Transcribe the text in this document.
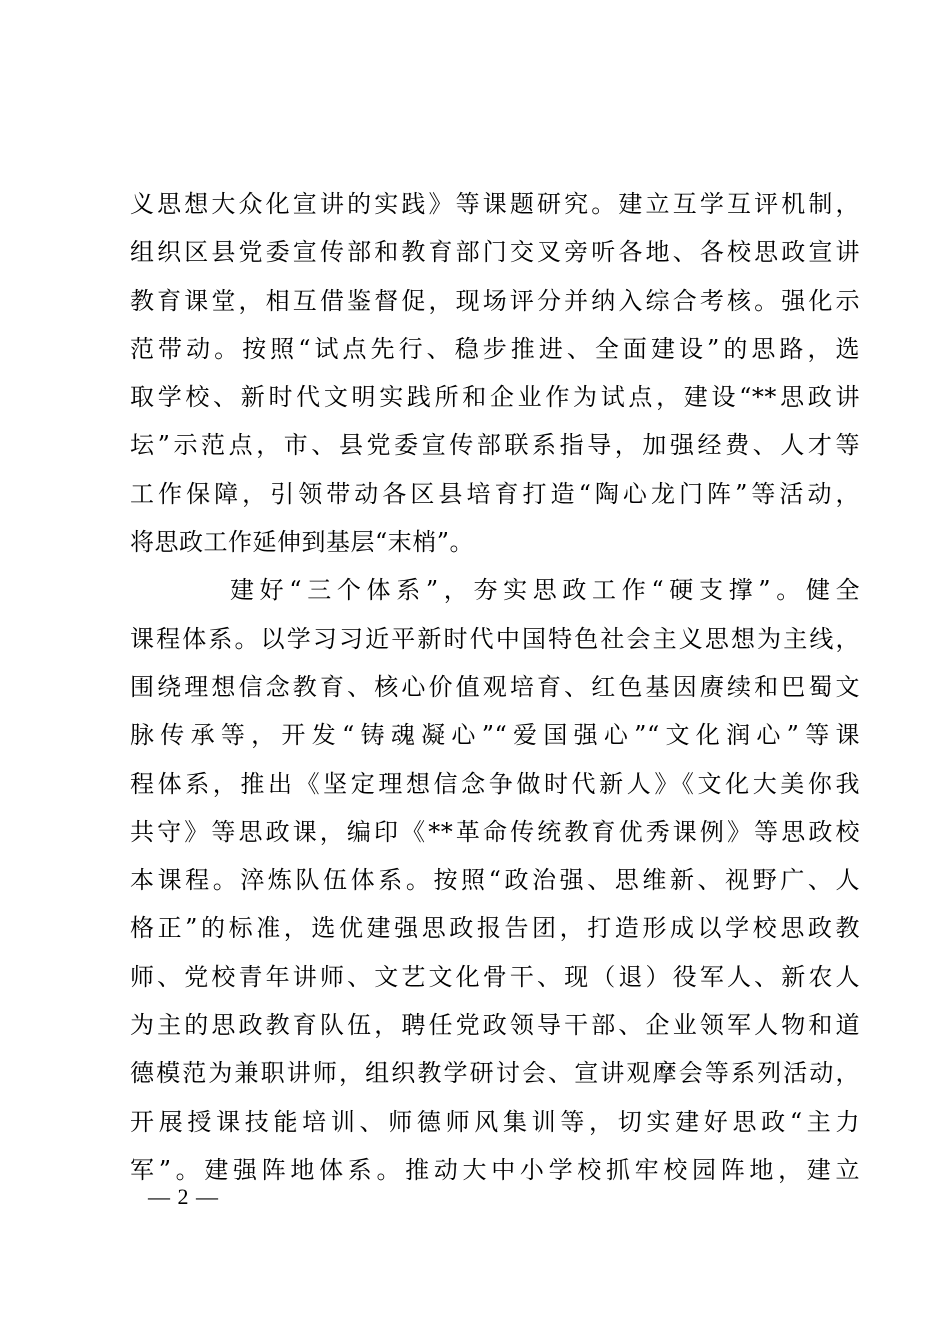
义思想大众化宣讲的实践》等课题研究。建立互学互评机制，
组织区县党委宣传部和教育部门交叉旁听各地、各校思政宣讲
教育课堂，相互借鉴督促，现场评分并纳入综合考核。强化示
范带动。按照“试点先行、稳步推进、全面建设”的思路，选
取学校、新时代文明实践所和企业作为试点，建设“**思政讲
坛”示范点，市、县党委宣传部联系指导，加强经费、人才等
工作保障，引领带动各区县培育打造“陶心龙门阵”等活动，
将思政工作延伸到基层“末梢”。
建好“三个体系”，夯实思政工作“硬支撑”。健全
课程体系。以学习习近平新时代中国特色社会主义思想为主线，
围绕理想信念教育、核心价值观培育、红色基因赓续和巴蜀文
脉传承等，开发“铸魂凝心”“爱国强心”“文化润心”等课
程体系，推出《坚定理想信念争做时代新人》《文化大美你我
共守》等思政课，编印《**革命传统教育优秀课例》等思政校
本课程。淬炼队伍体系。按照“政治强、思维新、视野广、人
格正”的标准，选优建强思政报告团，打造形成以学校思政教
师、党校青年讲师、文艺文化骨干、现（退）役军人、新农人
为主的思政教育队伍，聘任党政领导干部、企业领军人物和道
德模范为兼职讲师，组织教学研讨会、宣讲观摩会等系列活动，
开展授课技能培训、师德师风集训等，切实建好思政“主力
军”。建强阵地体系。推动大中小学校抓牢校园阵地，建立
— 2 —
